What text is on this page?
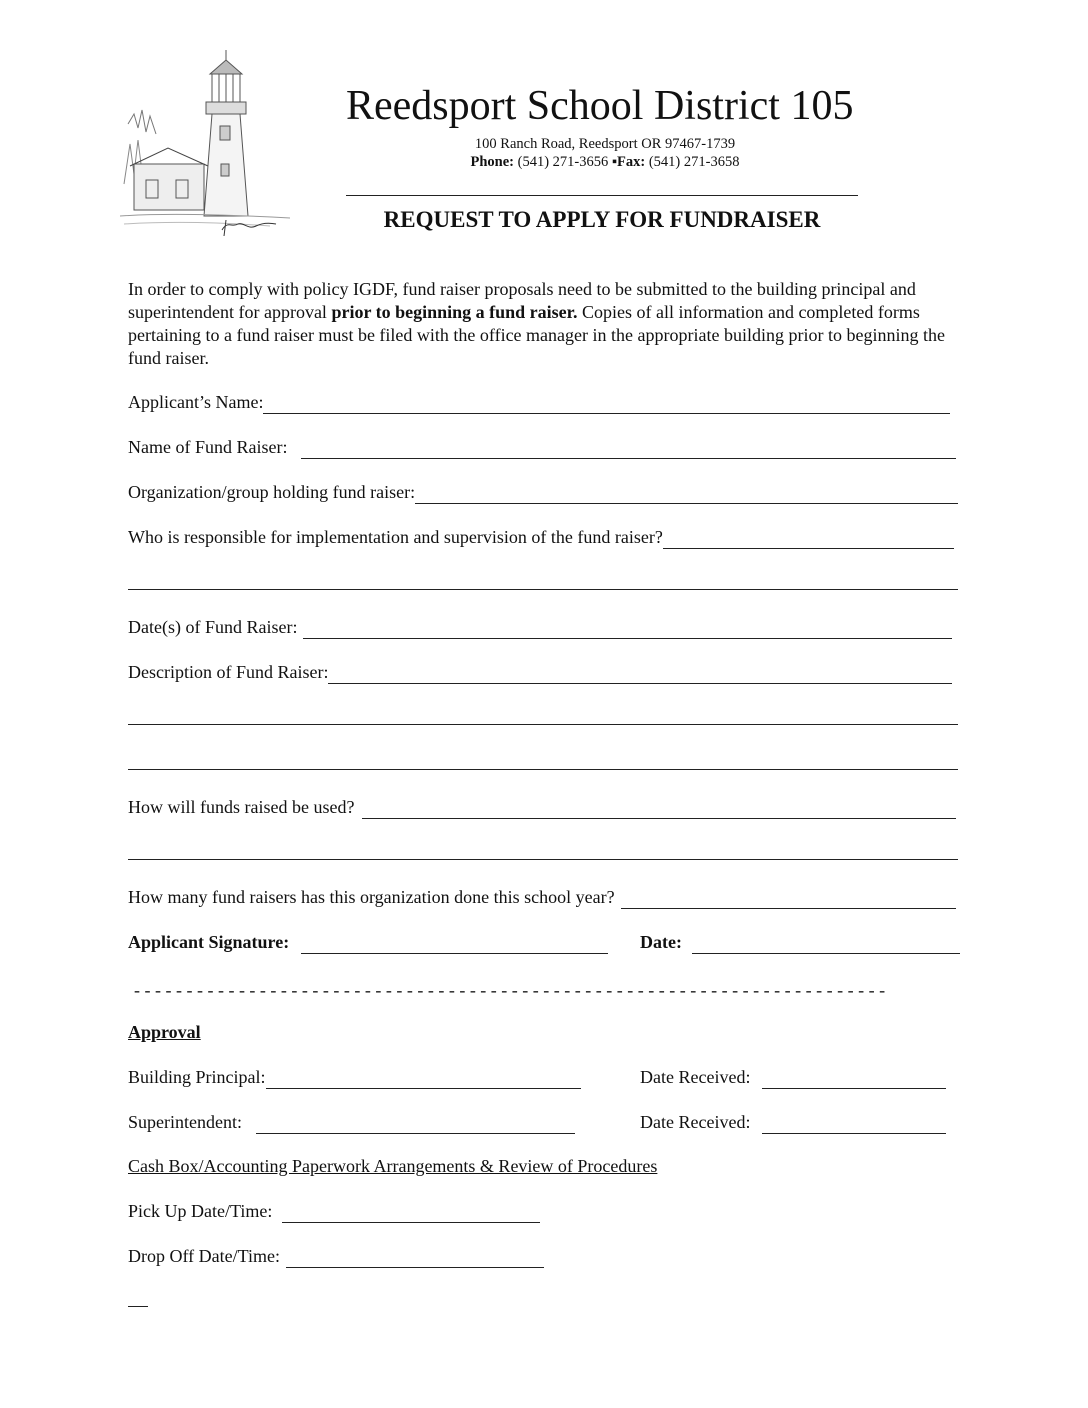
Reedsport School District 105
100 Ranch Road, Reedsport OR 97467-1739
Phone: (541) 271-3656 ▪Fax: (541) 271-3658
REQUEST TO APPLY FOR FUNDRAISER
In order to comply with policy IGDF, fund raiser proposals need to be submitted to the building principal and superintendent for approval prior to beginning a fund raiser. Copies of all information and completed forms pertaining to a fund raiser must be filed with the office manager in the appropriate building prior to beginning the fund raiser.
Applicant’s Name:
Name of Fund Raiser:
Organization/group holding fund raiser:
Who is responsible for implementation and supervision of the fund raiser?
Date(s) of Fund Raiser:
Description of Fund Raiser:
How will funds raised be used?
How many fund raisers has this organization done this school year?
Applicant Signature:	Date:
- - - - - - - - - - - - - - - - - - - - - - - - - - - - - - - - - - - - - - - - - - - - - - - - - - - - - - - - - - - - - - - - - - - - - - - -
Approval
Building Principal:	Date Received:
Superintendent:	Date Received:
Cash Box/Accounting Paperwork Arrangements & Review of Procedures
Pick Up Date/Time:
Drop Off Date/Time:
